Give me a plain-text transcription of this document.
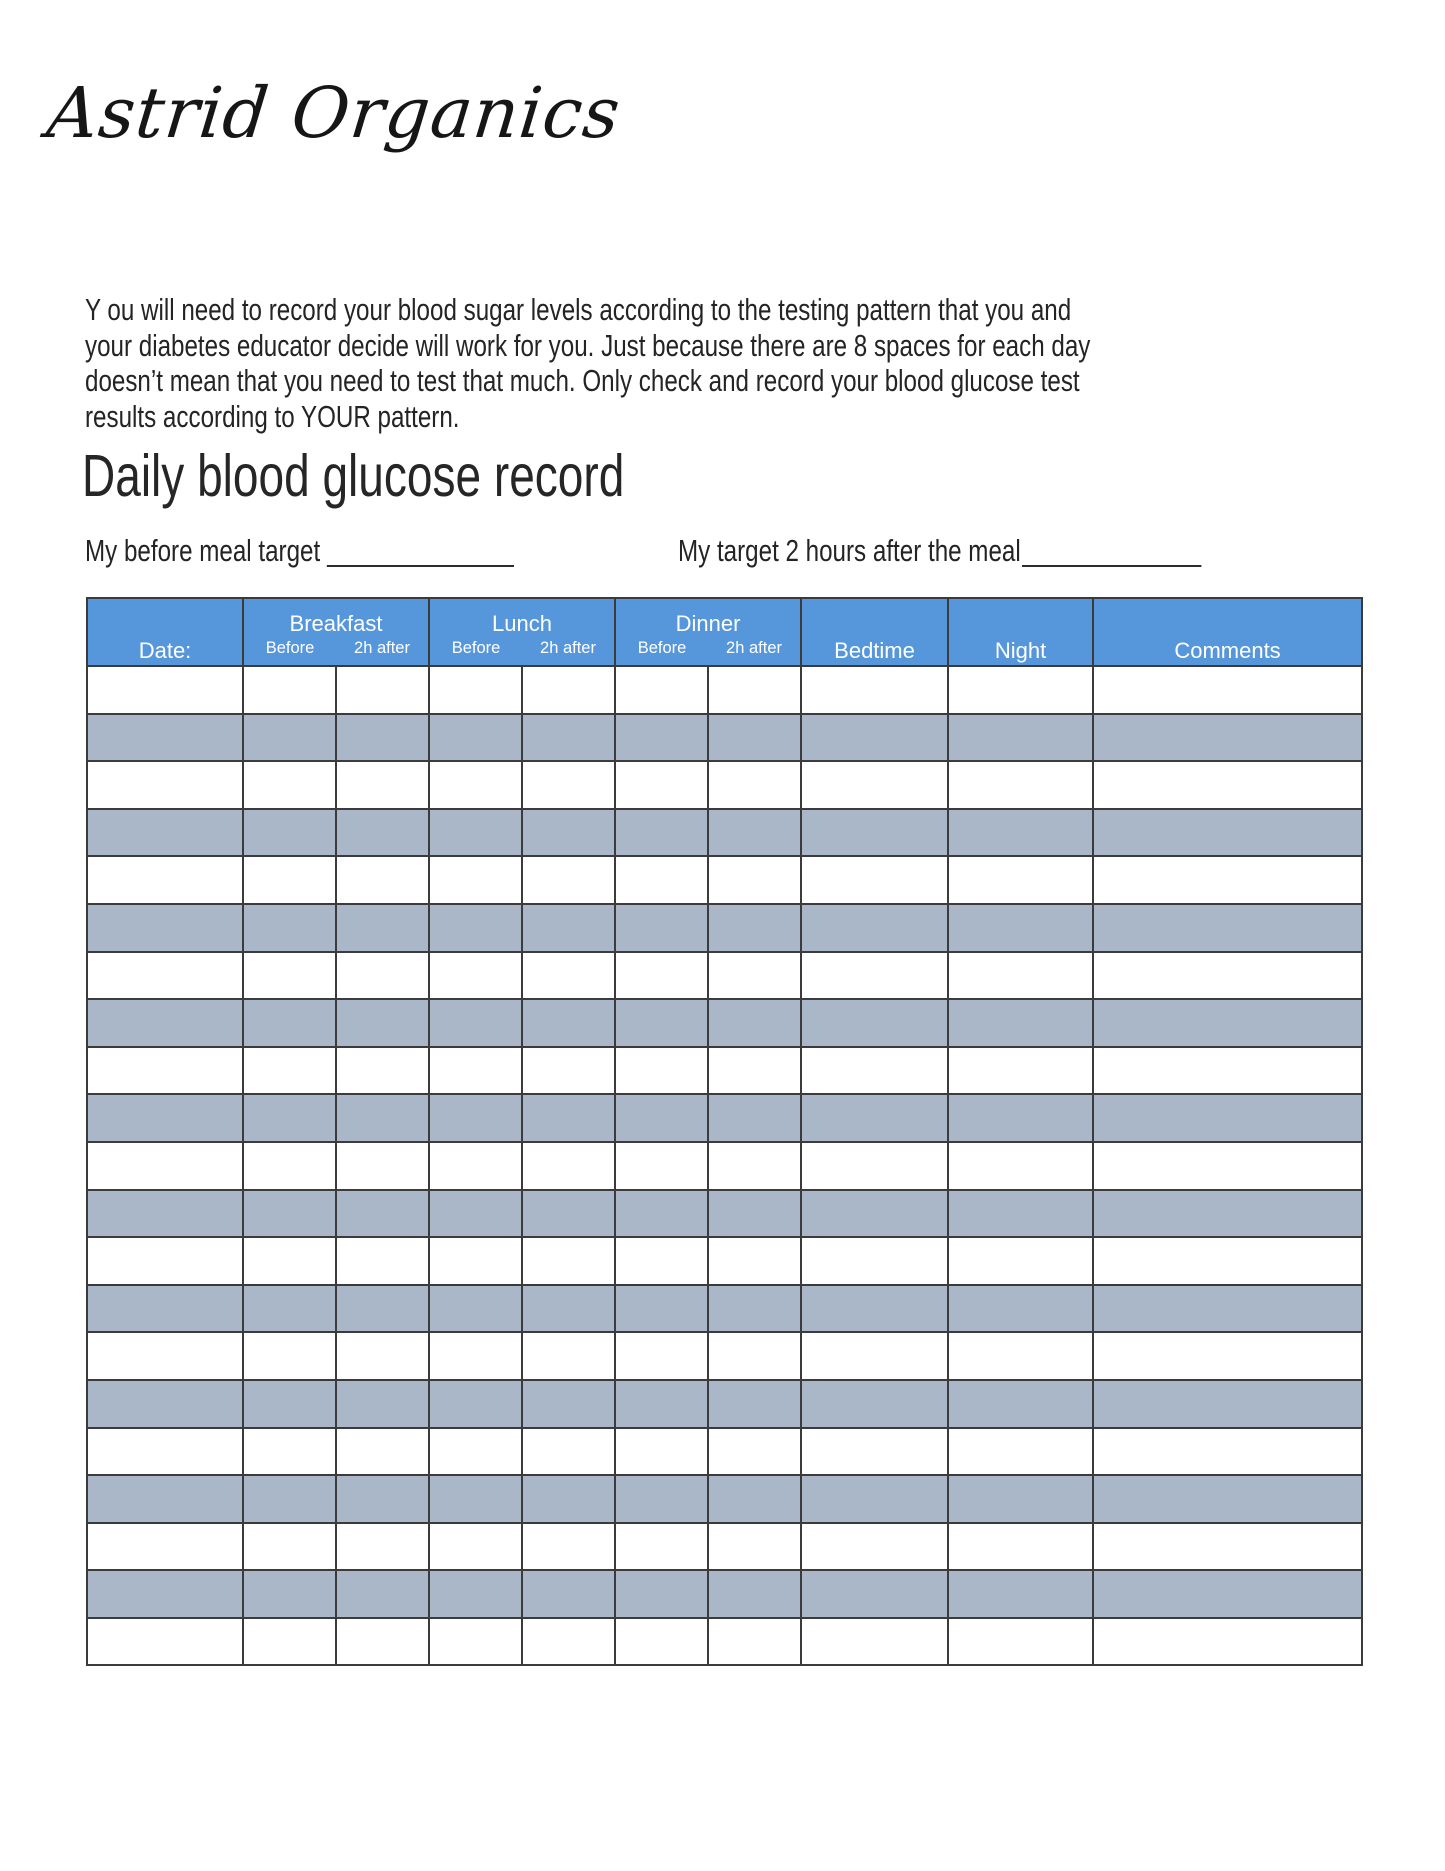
Astrid Organics
Y ou will need to record your blood sugar levels according to the testing pattern that you and
your diabetes educator decide will work for you. Just because there are 8 spaces for each day
doesn’t mean that you need to test that much. Only check and record your blood glucose test
results according to YOUR pattern.
Daily blood glucose record
My before meal target	My target 2 hours after the meal
Date:	Breakfast		Lunch		Dinner		Bedtime	Night	Comments
	Before	2h after	Before	2h after	Before	2h after			
